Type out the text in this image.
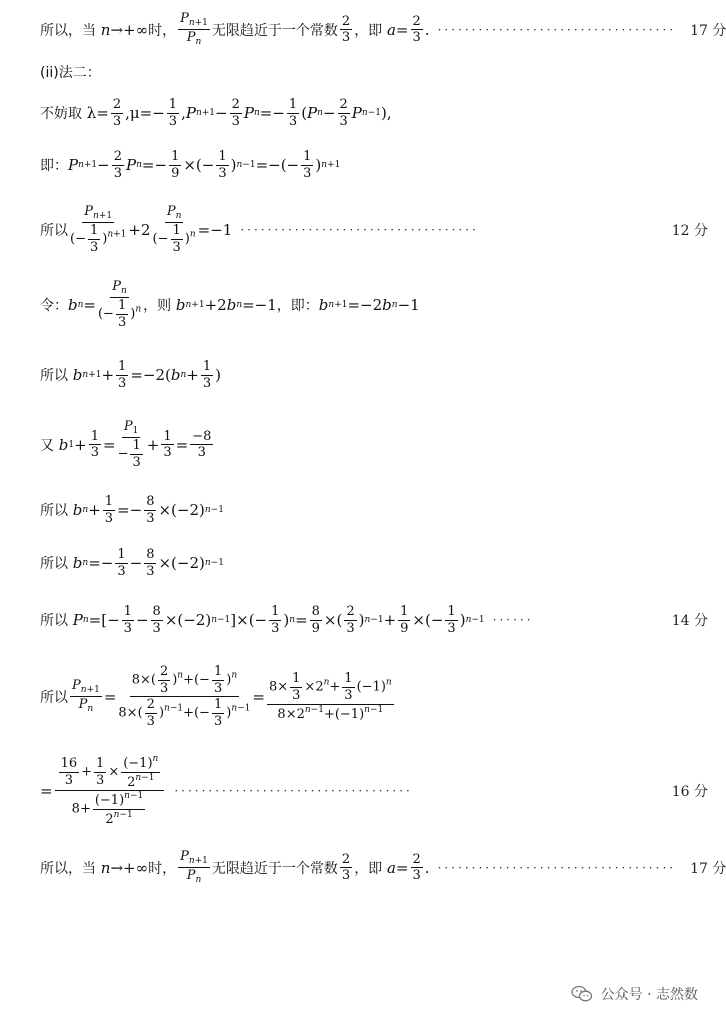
所以，当 n →+∞ 时， $\frac{P_{n+1}}{P_n}$ 无限趋近于一个常数 $\frac{2}{3}$ ，即
$a = \frac{2}{3}$ . ··································· 17 分
(ii)法二：
不妨取 $\lambda= \frac{2}{3} ,\mu=- \frac{1}{3}$ , P $n+1 - \frac{2}{3}$ P $n =- \frac{1}{3}$ ( P $n - \frac{2}{3}$ P n−1 ),
即： P $n+1 - \frac{2}{3}$ P $n =- \frac{1}{9}$ ×(− $\frac{1}{3}$ ) n−1 =−(− $\frac{1}{3}$ ) n+1
所以 $\frac{P_{n+1}}{(- \frac{1}{3} )^{n+1}} +2 \frac{P_n}{(- \frac{1}{3} )^n} =-1$ ···································	12 分
令： b $n = \frac{P_n}{(- \frac{1}{3} )^n}$ ，则
b n+1 +2 b n =−1 ，即： b n+1 =−2 b n −1
所以
b $n+1 + \frac{1}{3} =-2$( b $n + \frac{1}{3}$ )
又
b $1 + \frac{1}{3} = \frac{P_1}{- \frac{1}{3}} + \frac{1}{3} = \frac{-8}{3}$
所以
b $n + \frac{1}{3} =- \frac{8}{3} \times(-2)$ n−1
所以
b $n =- \frac{1}{3} - \frac{8}{3} \times(-2)$ n−1
所以
P n =[− $\frac{1}{3} - \frac{8}{3} \times(-2)$ n−1 ]×(− $\frac{1}{3}$ ) $n = \frac{8}{9}$ ×( $\frac{2}{3}$ ) $n-1 + \frac{1}{9}$ ×(− $\frac{1}{3}$ ) n−1 ······	14 分
所以 $\frac{P_{n+1}}{P_n} = \frac{8\times( \frac{2}{3} )^n+(- \frac{1}{3} )^n}{8\times( \frac{2}{3} )^{n-1}+(- \frac{1}{3} )^{n-1}} = \frac{8\times \frac{1}{3} \times 2^n+ \frac{1}{3} (-1)^n}{8\times 2^{n-1}+(-1)^{n-1}}$
= $\frac{\frac{16}{3} + \frac{1}{3} \times \frac{(-1)^n}{2^{n-1}}}{8+ \frac{(-1)^{n-1}}{2^{n-1}}}$ ···································	16 分
所以，当 n →+∞ 时， $\frac{P_{n+1}}{P_n}$ 无限趋近于一个常数 $\frac{2}{3}$ ，即
$a = \frac{2}{3}$ . ··································· 17 分
公众号 · 志然数
